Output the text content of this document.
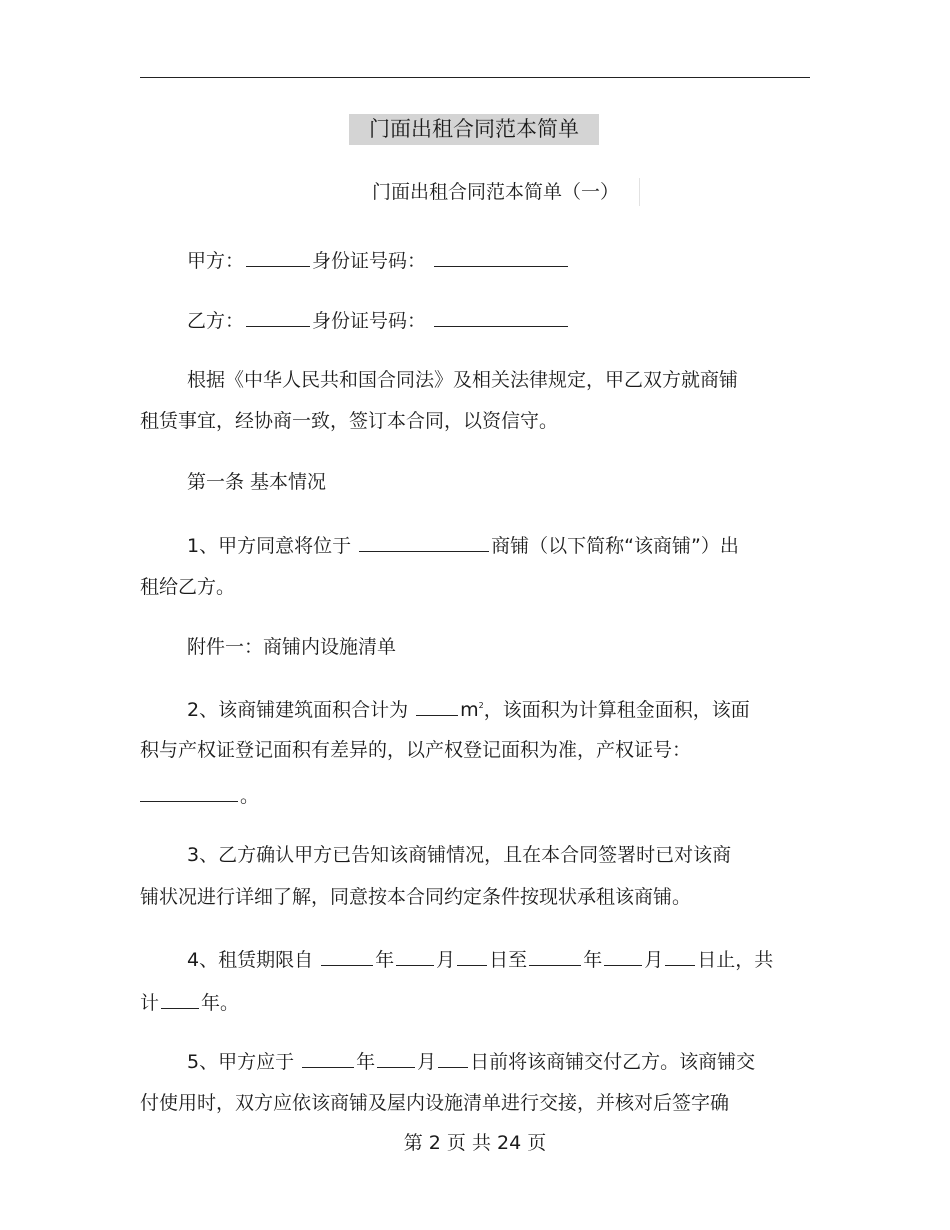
门面出租合同范本简单
门面出租合同范本简单（一）
甲方：	身份证号码：
乙方：	身份证号码：
根据《中华人民共和国合同法》及相关法律规定，甲乙双方就商铺
租赁事宜，经协商一致，签订本合同，以资信守。
第一条 基本情况
1、甲方同意将位于	商铺（以下简称“该商铺”）出
租给乙方。
附件一：商铺内设施清单
2、该商铺建筑面积合计为 $m^2$，该面积为计算租金面积，该面
积与产权证登记面积有差异的，以产权登记面积为准，产权证号：
。
3、乙方确认甲方已告知该商铺情况，且在本合同签署时已对该商
铺状况进行详细了解，同意按本合同约定条件按现状承租该商铺。
4、租赁期限自	年 月 日至	年 月 日止，共
计 年。
5、甲方应于	年 月 日前将该商铺交付乙方。该商铺交
付使用时，双方应依该商铺及屋内设施清单进行交接，并核对后签字确
第 2 页 共 24 页
